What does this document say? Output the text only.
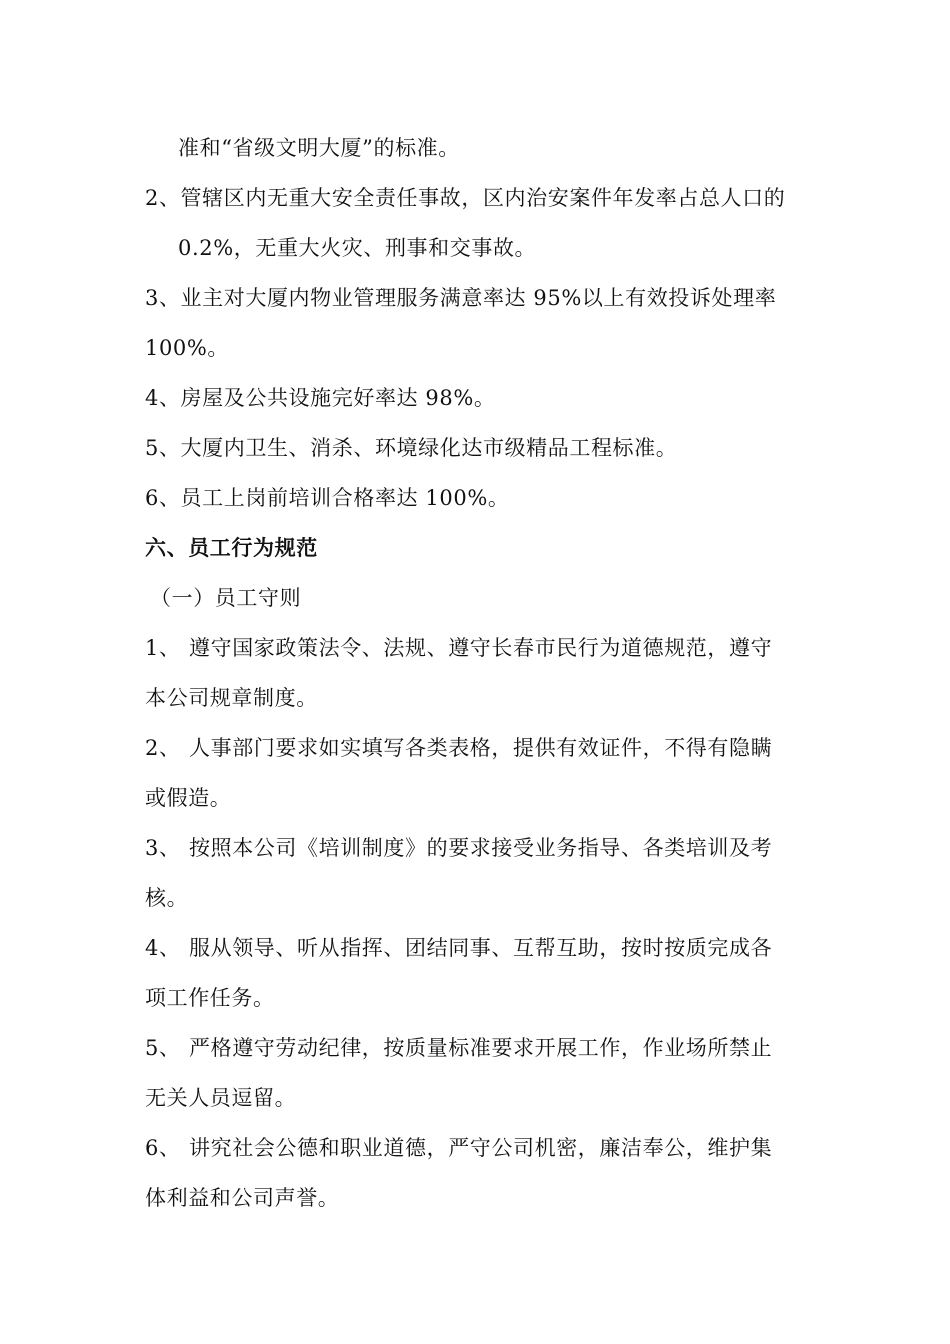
准和“省级文明大厦”的标准。
2、管辖区内无重大安全责任事故，区内治安案件年发率占总人口的
0.2%，无重大火灾、刑事和交事故。
3、业主对大厦内物业管理服务满意率达 95%以上有效投诉处理率
100%。
4、房屋及公共设施完好率达 98%。
5、大厦内卫生、消杀、环境绿化达市级精品工程标准。
6、员工上岗前培训合格率达 100%。
六、员工行为规范
（一）员工守则
1、 遵守国家政策法令、法规、遵守长春市民行为道德规范，遵守
本公司规章制度。
2、 人事部门要求如实填写各类表格，提供有效证件，不得有隐瞒
或假造。
3、 按照本公司《培训制度》的要求接受业务指导、各类培训及考
核。
4、 服从领导、听从指挥、团结同事、互帮互助，按时按质完成各
项工作任务。
5、 严格遵守劳动纪律，按质量标准要求开展工作，作业场所禁止
无关人员逗留。
6、 讲究社会公德和职业道德，严守公司机密，廉洁奉公，维护集
体利益和公司声誉。
